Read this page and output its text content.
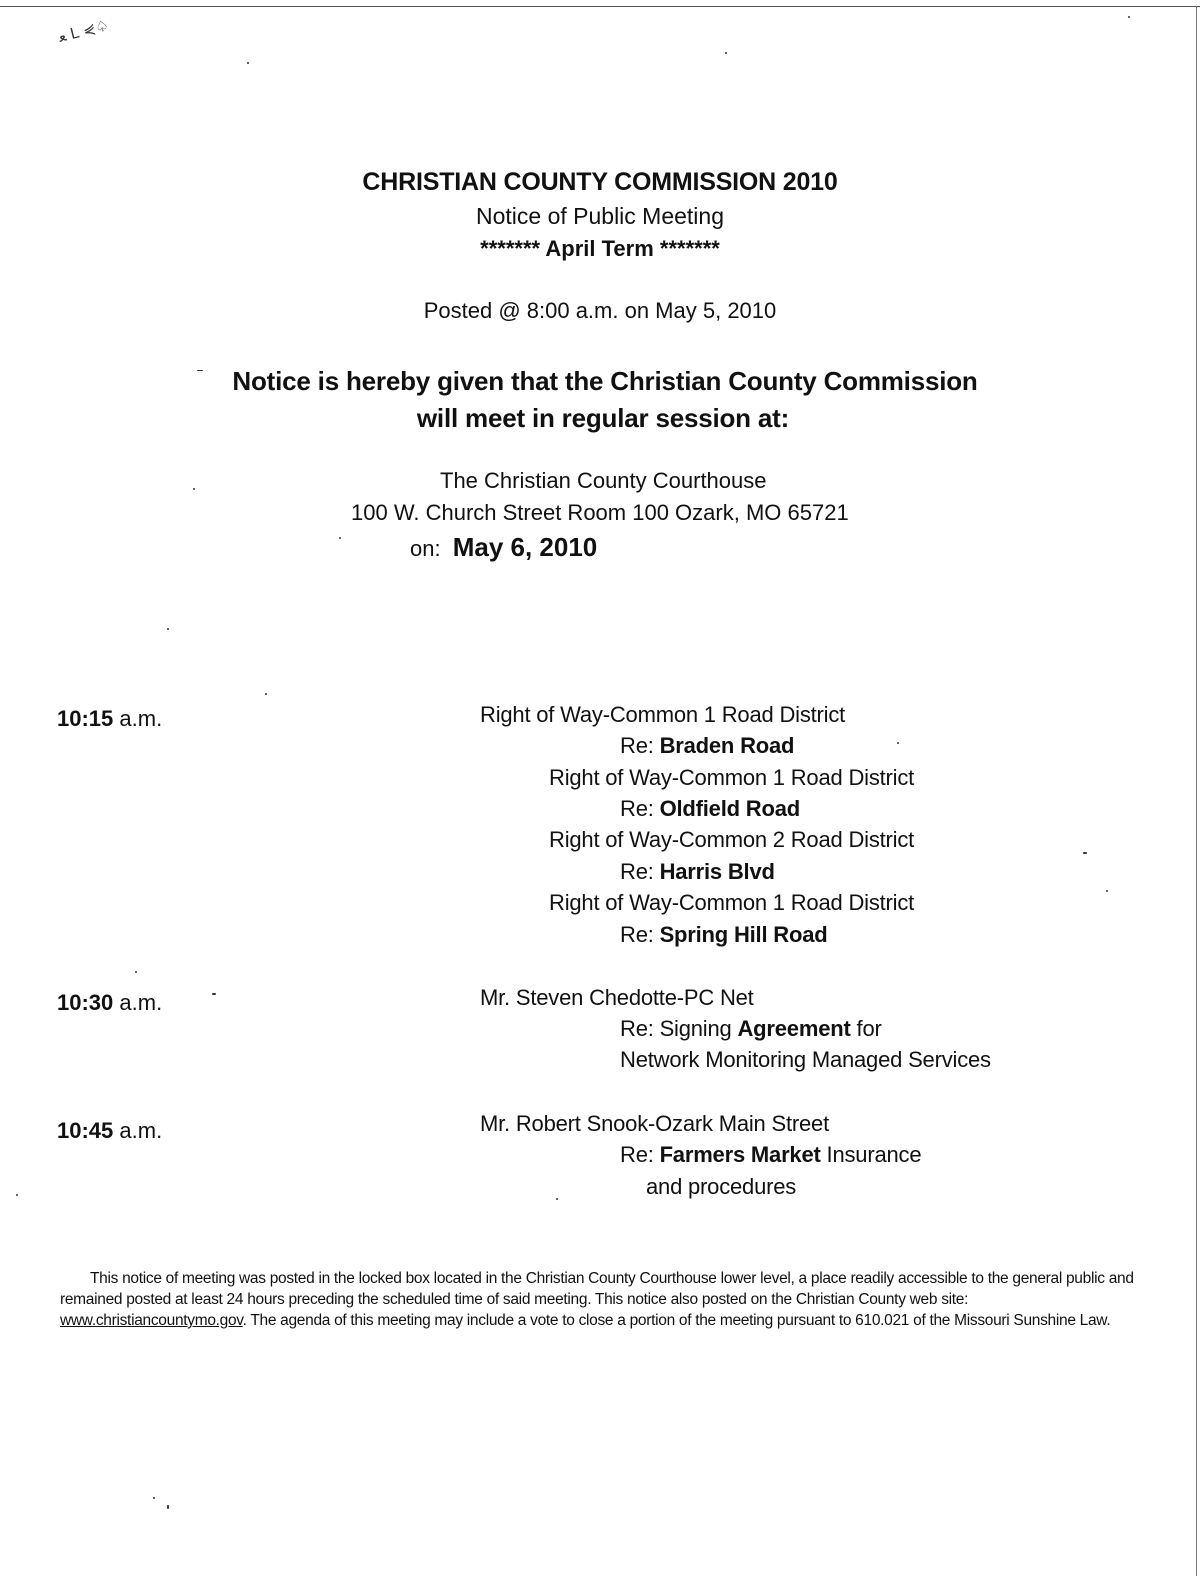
ﻌ ᒪ ⋞♤
CHRISTIAN COUNTY COMMISSION 2010
Notice of Public Meeting
******* April Term *******
Posted @ 8:00 a.m. on May 5, 2010
Notice is hereby given that the Christian County Commission
will meet in regular session at:
The Christian County Courthouse
100 W. Church Street Room 100 Ozark, MO 65721
on: May 6, 2010
10:15 a.m.	Right of Way-Common 1 Road District
Re: Braden Road
Right of Way-Common 1 Road District
Re: Oldfield Road
Right of Way-Common 2 Road District
Re: Harris Blvd
Right of Way-Common 1 Road District
Re: Spring Hill Road
10:30 a.m.	Mr. Steven Chedotte-PC Net
Re: Signing Agreement for
Network Monitoring Managed Services
10:45 a.m.	Mr. Robert Snook-Ozark Main Street
Re: Farmers Market Insurance
and procedures
This notice of meeting was posted in the locked box located in the Christian County Courthouse lower level, a place readily accessible to the general public and remained posted at least 24 hours preceding the scheduled time of said meeting. This notice also posted on the Christian County web site: www.christiancountymo.gov. The agenda of this meeting may include a vote to close a portion of the meeting pursuant to 610.021 of the Missouri Sunshine Law.
